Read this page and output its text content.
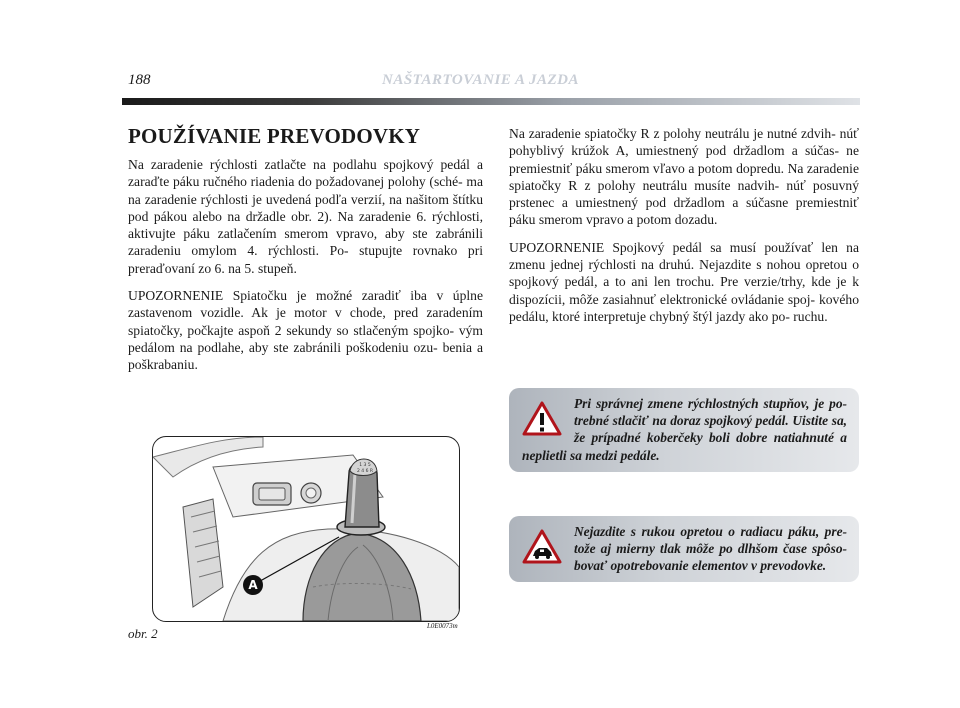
188	NAŠTARTOVANIE A JAZDA
POUŽÍVANIE PREVODOVKY

Na zaradenie rýchlosti zatlačte na podlahu spojkový pedál a zaraďte páku ručného riadenia do požadovanej polohy (sché- ma na zaradenie rýchlosti je uvedená podľa verzií, na našitom štítku pod pákou alebo na držadle obr. 2). Na zaradenie 6. rýchlosti, aktivujte páku zatlačením smerom vpravo, aby ste zabránili zaradeniu omylom 4. rýchlosti. Po- stupujte rovnako pri preraďovaní zo 6. na 5. stupeň.

UPOZORNENIE Spiatočku je možné zaradiť iba v úplne zastavenom vozidle. Ak je motor v chode, pred zaradením spiatočky, počkajte aspoň 2 sekundy so stlačeným spojko- vým pedálom na podlahe, aby ste zabránili poškodeniu ozu- benia a poškrabaniu.

Na zaradenie spiatočky R z polohy neutrálu je nutné zdvih- núť pohyblivý krúžok A, umiestnený pod držadlom a súčas- ne premiestniť páku smerom vľavo a potom dopredu. Na zaradenie spiatočky R z polohy neutrálu musíte nadvih- núť posuvný prstenec a umiestnený pod držadlom a súčasne premiestniť páku smerom vpravo a potom dozadu.

UPOZORNENIE Spojkový pedál sa musí používať len na zmenu jednej rýchlosti na druhú. Nejazdite s nohou opretou o spojkový pedál, a to ani len trochu. Pre verzie/trhy, kde je k dispozícii, môže zasiahnuť elektronické ovládanie spoj- kového pedálu, ktoré interpretuje chybný štýl jazdy ako po- ruchu.

1 3 5
2 4 6 R
A
L0E0073m
obr. 2
Pri správnej zmene rýchlostných stupňov, je po- trebné stlačiť na doraz spojkový pedál. Uistite sa, že prípadné koberčeky boli dobre natiahnuté a neplietli sa medzi pedále.
Nejazdite s rukou opretou o radiacu páku, pre- tože aj mierny tlak môže po dlhšom čase spôso- bovať opotrebovanie elementov v prevodovke.
